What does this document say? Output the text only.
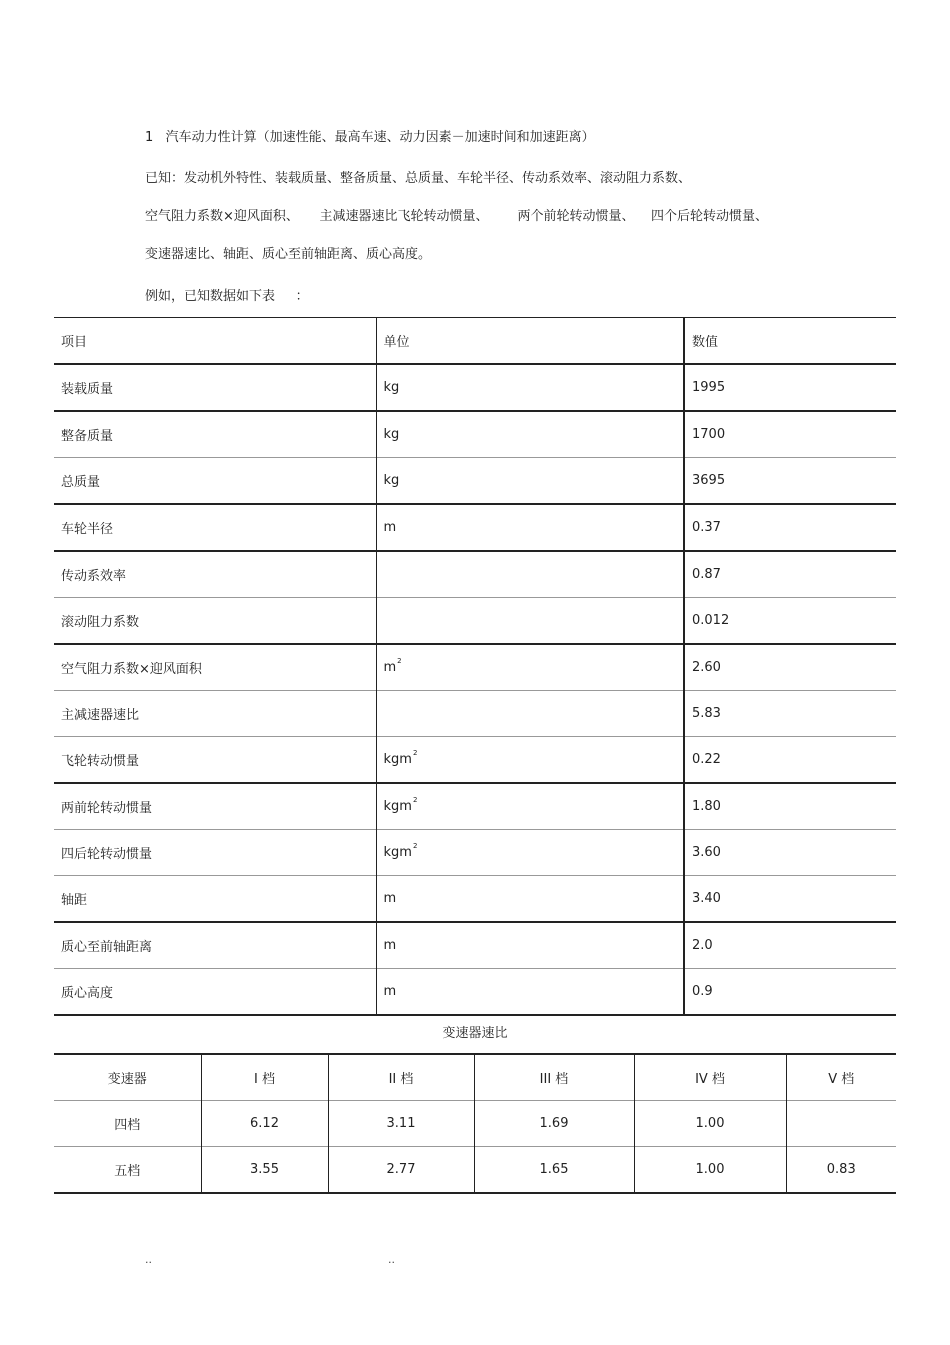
1   汽车动力性计算（加速性能、最高车速、动力因素－加速时间和加速距离）
已知：发动机外特性、装载质量、整备质量、总质量、车轮半径、传动系效率、滚动阻力系数、
空气阻力系数×迎风面积、     主减速器速比飞轮转动惯量、       两个前轮转动惯量、    四个后轮转动惯量、
变速器速比、轴距、质心至前轴距离、质心高度。
例如，已知数据如下表     ：
项目	单位	数值
装载质量	kg	1995
整备质量	kg	1700
总质量	kg	3695
车轮半径	m	0.37
传动系效率		0.87
滚动阻力系数		0.012
空气阻力系数×迎风面积	$m^2$	2.60
主减速器速比		5.83
飞轮转动惯量	kgm$^2$	0.22
两前轮转动惯量	kgm$^2$	1.80
四后轮转动惯量	kgm$^2$	3.60
轴距	m	3.40
质心至前轴距离	m	2.0
质心高度	m	0.9
变速器速比
变速器	I 档	II 档	III 档	IV 档	V 档
四档	6.12	3.11	1.69	1.00	
五档	3.55	2.77	1.65	1.00	0.83
..	..
